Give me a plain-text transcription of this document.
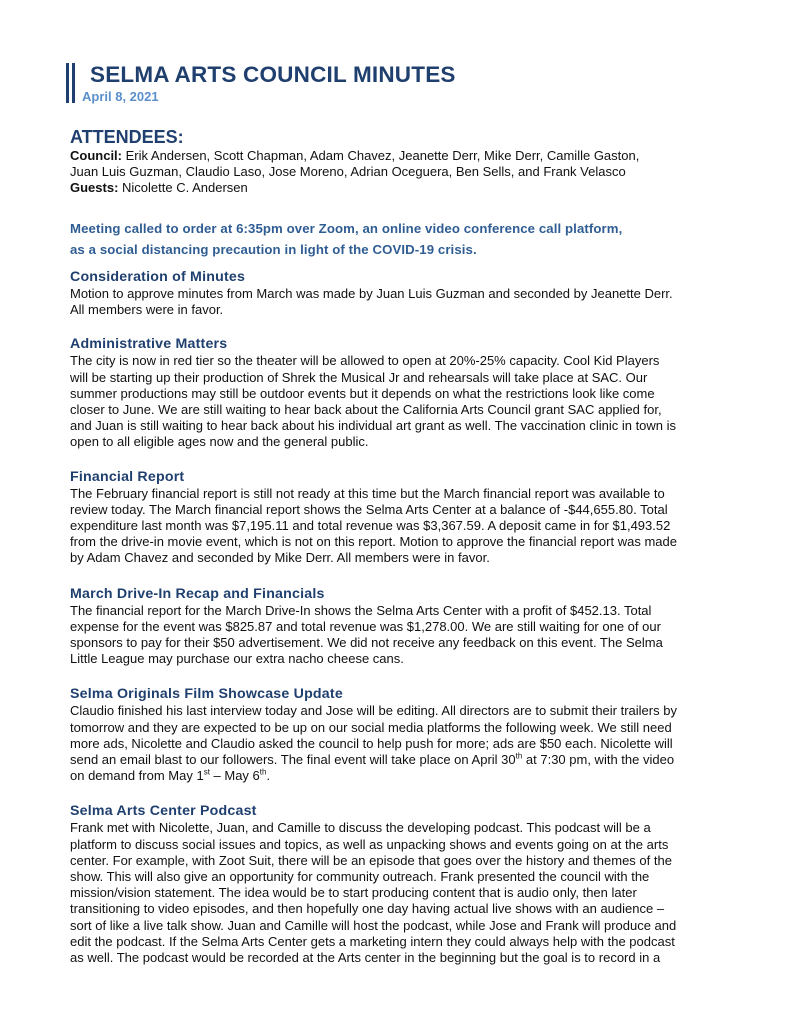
SELMA ARTS COUNCIL MINUTES
April 8, 2021
ATTENDEES:

Council: Erik Andersen, Scott Chapman, Adam Chavez, Jeanette Derr, Mike Derr, Camille Gaston,

Juan Luis Guzman, Claudio Laso, Jose Moreno, Adrian Oceguera, Ben Sells, and Frank Velasco

Guests: Nicolette C. Andersen

Meeting called to order at 6:35pm over Zoom, an online video conference call platform,
as a social distancing precaution in light of the COVID-19 crisis.
Consideration of Minutes

Motion to approve minutes from March was made by Juan Luis Guzman and seconded by Jeanette Derr.
All members were in favor.

Administrative Matters

The city is now in red tier so the theater will be allowed to open at 20%-25% capacity. Cool Kid Players
will be starting up their production of Shrek the Musical Jr and rehearsals will take place at SAC. Our
summer productions may still be outdoor events but it depends on what the restrictions look like come
closer to June. We are still waiting to hear back about the California Arts Council grant SAC applied for,
and Juan is still waiting to hear back about his individual art grant as well. The vaccination clinic in town is
open to all eligible ages now and the general public.

Financial Report

The February financial report is still not ready at this time but the March financial report was available to
review today. The March financial report shows the Selma Arts Center at a balance of -$44,655.80. Total
expenditure last month was $7,195.11 and total revenue was $3,367.59. A deposit came in for $1,493.52
from the drive-in movie event, which is not on this report. Motion to approve the financial report was made
by Adam Chavez and seconded by Mike Derr. All members were in favor.

March Drive-In Recap and Financials

The financial report for the March Drive-In shows the Selma Arts Center with a profit of $452.13. Total
expense for the event was $825.87 and total revenue was $1,278.00. We are still waiting for one of our
sponsors to pay for their $50 advertisement. We did not receive any feedback on this event. The Selma
Little League may purchase our extra nacho cheese cans.

Selma Originals Film Showcase Update

Claudio finished his last interview today and Jose will be editing. All directors are to submit their trailers by
tomorrow and they are expected to be up on our social media platforms the following week. We still need
more ads, Nicolette and Claudio asked the council to help push for more; ads are $50 each. Nicolette will
send an email blast to our followers. The final event will take place on April 30th at 7:30 pm, with the video
on demand from May 1st – May 6th.

Selma Arts Center Podcast

Frank met with Nicolette, Juan, and Camille to discuss the developing podcast. This podcast will be a
platform to discuss social issues and topics, as well as unpacking shows and events going on at the arts
center. For example, with Zoot Suit, there will be an episode that goes over the history and themes of the
show. This will also give an opportunity for community outreach. Frank presented the council with the
mission/vision statement. The idea would be to start producing content that is audio only, then later
transitioning to video episodes, and then hopefully one day having actual live shows with an audience –
sort of like a live talk show. Juan and Camille will host the podcast, while Jose and Frank will produce and
edit the podcast. If the Selma Arts Center gets a marketing intern they could always help with the podcast
as well. The podcast would be recorded at the Arts center in the beginning but the goal is to record in a
